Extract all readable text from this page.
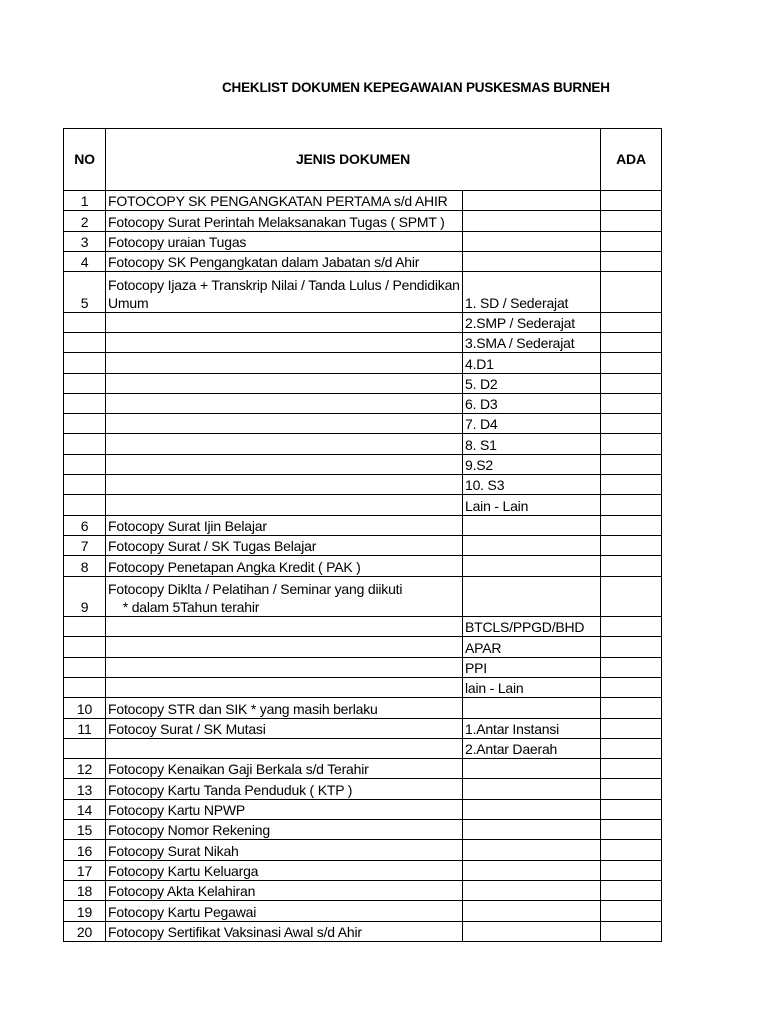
CHEKLIST DOKUMEN KEPEGAWAIAN PUSKESMAS BURNEH
NO	JENIS DOKUMEN		ADA
1	FOTOCOPY SK PENGANGKATAN PERTAMA s/d AHIR		
2	Fotocopy Surat Perintah Melaksanakan Tugas ( SPMT )		
3	Fotocopy uraian Tugas		
4	Fotocopy SK Pengangkatan dalam Jabatan s/d Ahir		
5	Fotocopy Ijaza + Transkrip Nilai / Tanda Lulus / Pendidikan Umum	1. SD / Sederajat	
		2.SMP / Sederajat	
		3.SMA / Sederajat	
		4.D1	
		5. D2	
		6. D3	
		7. D4	
		8. S1	
		9.S2	
		10. S3	
		Lain - Lain	
6	Fotocopy Surat Ijin Belajar		
7	Fotocopy Surat / SK Tugas Belajar		
8	Fotocopy Penetapan Angka Kredit ( PAK )		
9	Fotocopy Diklta / Pelatihan / Seminar yang diikuti
* dalam 5Tahun terahir		
		BTCLS/PPGD/BHD	
		APAR	
		PPI	
		lain - Lain	
10	Fotocopy STR dan SIK * yang masih berlaku		
11	Fotocoy Surat / SK Mutasi	1.Antar Instansi	
		2.Antar Daerah	
12	Fotocopy Kenaikan Gaji Berkala s/d Terahir		
13	Fotocopy Kartu Tanda Penduduk ( KTP )		
14	Fotocopy Kartu NPWP		
15	Fotocopy Nomor Rekening		
16	Fotocopy Surat Nikah		
17	Fotocopy Kartu Keluarga		
18	Fotocopy Akta Kelahiran		
19	Fotocopy Kartu Pegawai		
20	Fotocopy Sertifikat Vaksinasi Awal s/d Ahir		
